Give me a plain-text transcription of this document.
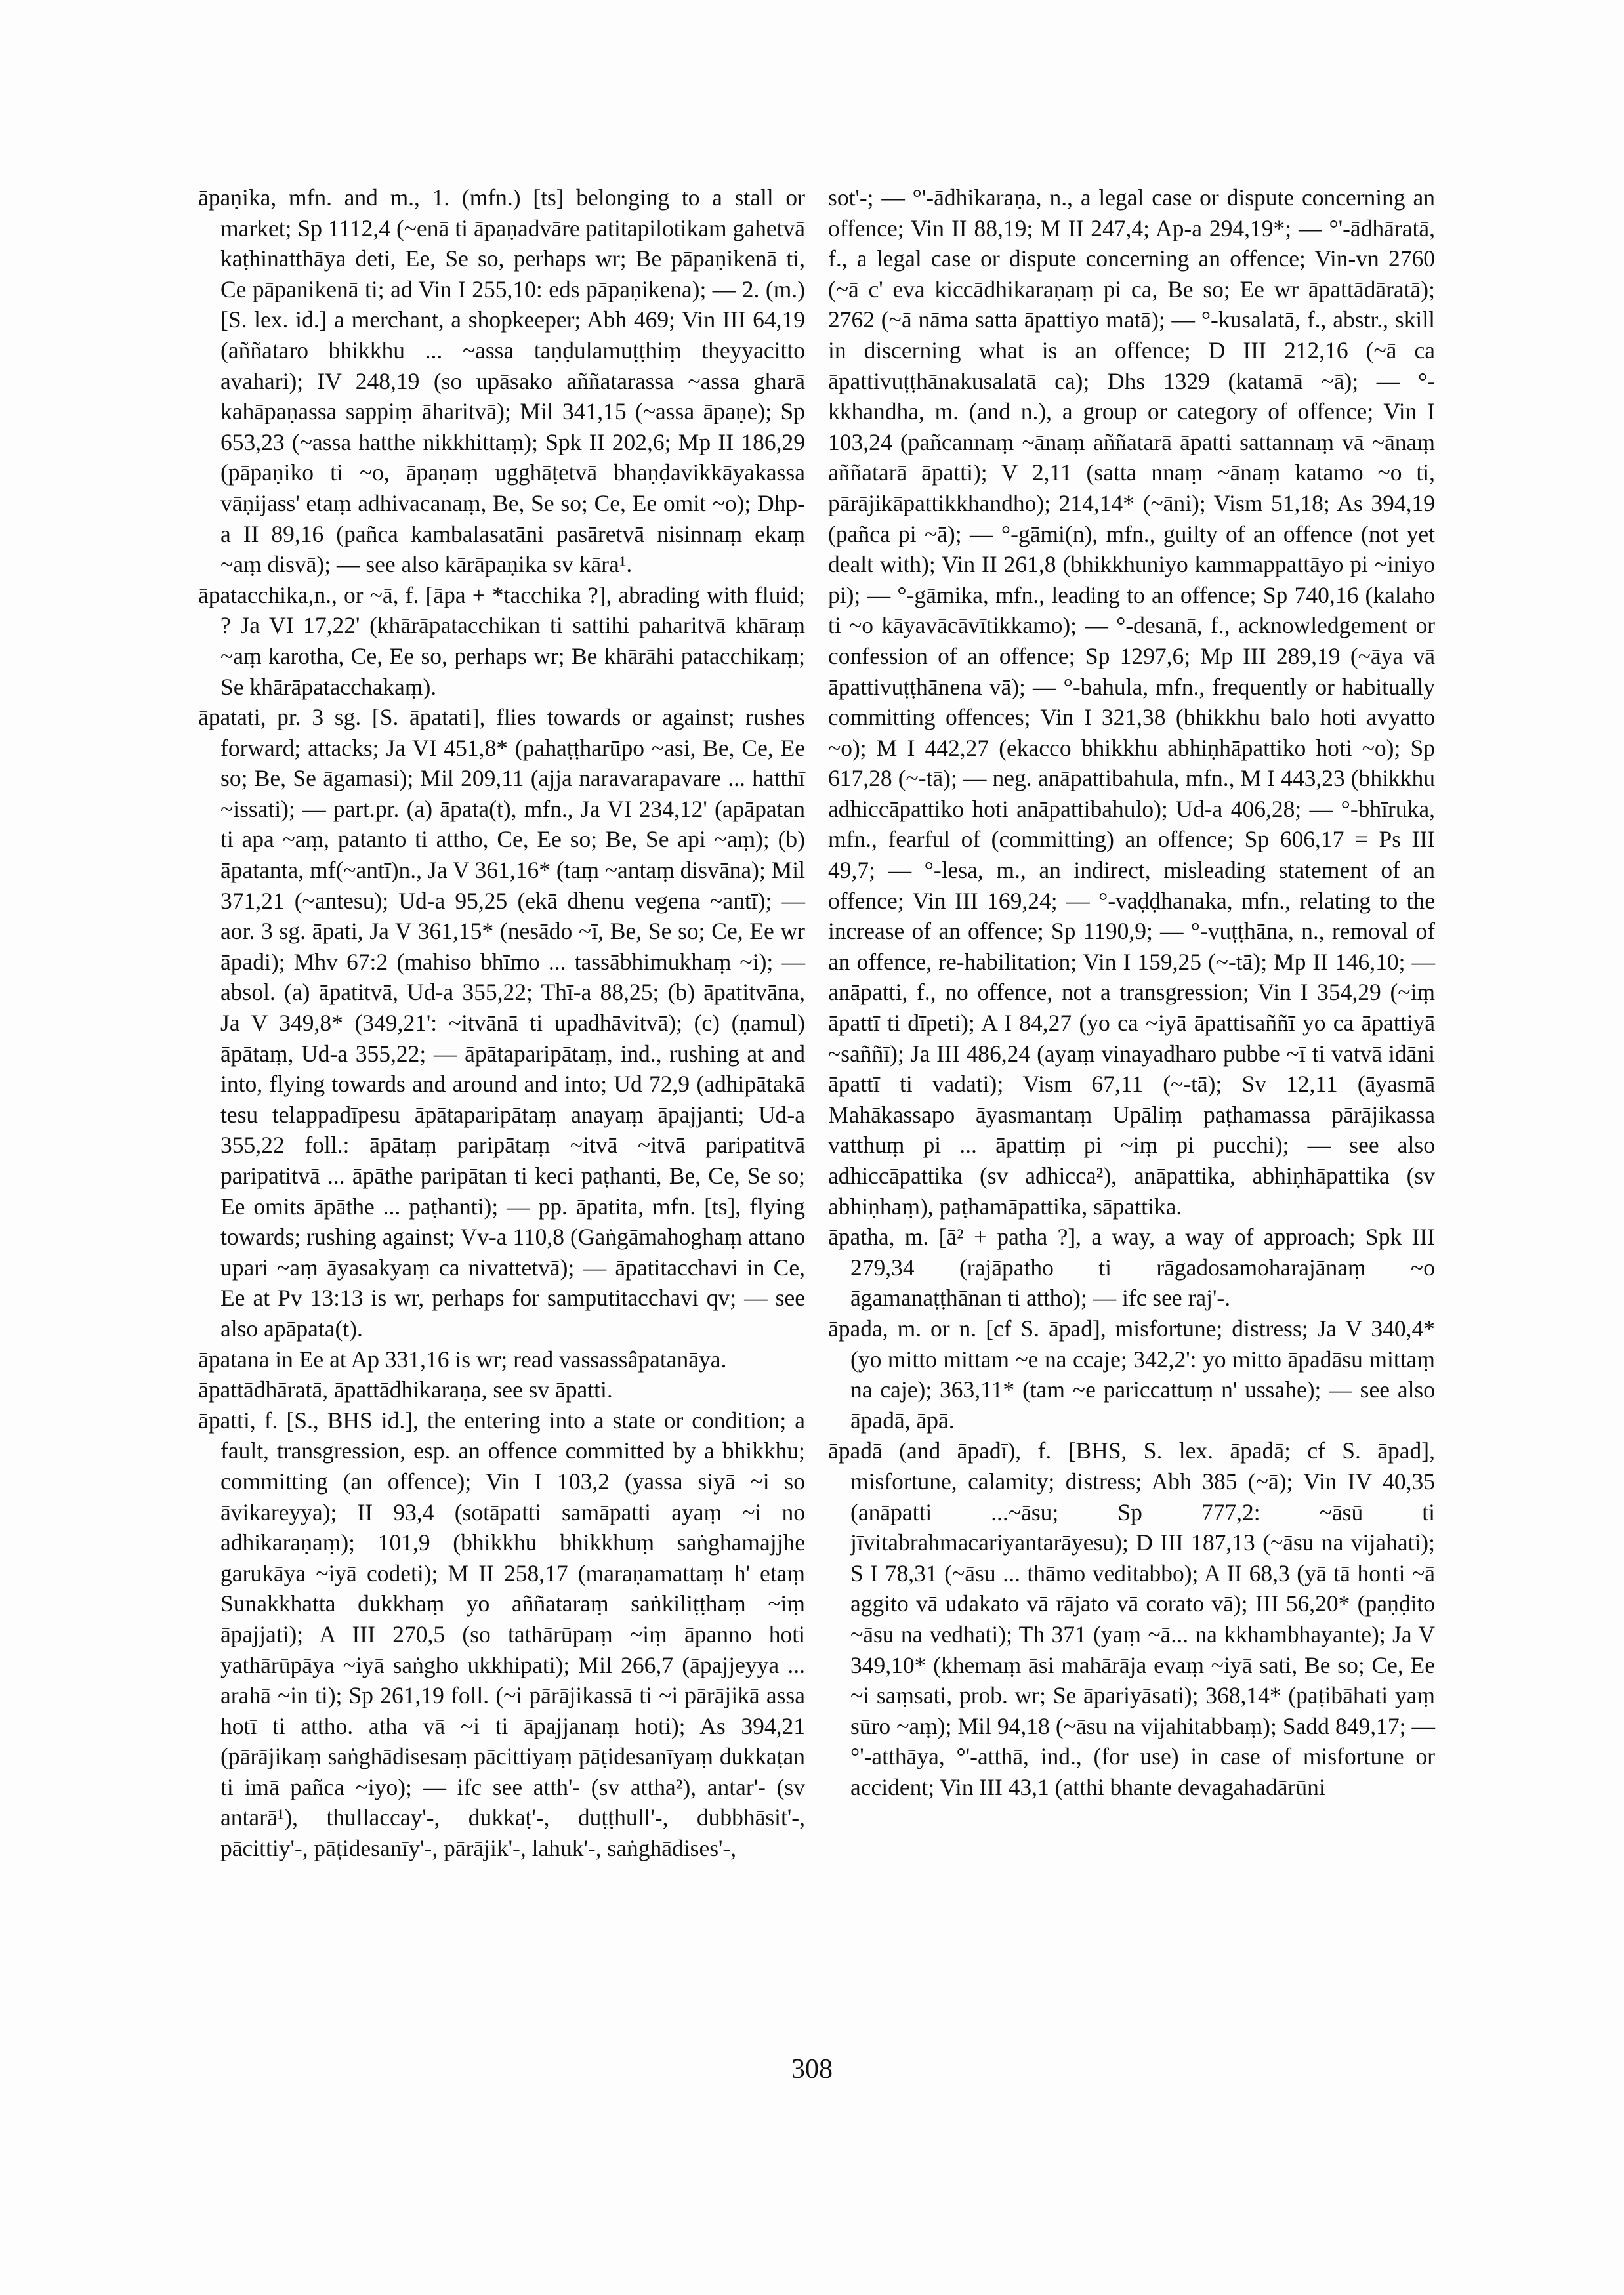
āpaṇika, mfn. and m., 1. (mfn.) [ts] belonging to a stall or market; Sp 1112,4 (~enā ti āpaṇadvāre patitapilotikam gahetvā kaṭhinatthāya deti, Ee, Se so, perhaps wr; Be pāpaṇikenā ti, Ce pāpanikenā ti; ad Vin I 255,10: eds pāpaṇikena); — 2. (m.) [S. lex. id.] a merchant, a shopkeeper; Abh 469; Vin III 64,19 (aññataro bhikkhu ... ~assa taṇḍulamuṭṭhiṃ theyyacitto avahari); IV 248,19 (so upāsako aññatarassa ~assa gharā kahāpaṇassa sappiṃ āharitvā); Mil 341,15 (~assa āpaṇe); Sp 653,23 (~assa hatthe nikkhittaṃ); Spk II 202,6; Mp II 186,29 (pāpaṇiko ti ~o, āpaṇaṃ ugghāṭetvā bhaṇḍavikkāyakassa vāṇijass' etaṃ adhivacanaṃ, Be, Se so; Ce, Ee omit ~o); Dhp-a II 89,16 (pañca kambalasatāni pasāretvā nisinnaṃ ekaṃ ~aṃ disvā); — see also kārāpaṇika sv kāra¹.

āpatacchika,n., or ~ā, f. [āpa + *tacchika ?], abrading with fluid; ? Ja VI 17,22' (khārāpatacchikan ti sattihi paharitvā khāraṃ ~aṃ karotha, Ce, Ee so, perhaps wr; Be khārāhi patacchikaṃ; Se khārāpatacchakaṃ).

āpatati, pr. 3 sg. [S. āpatati], flies towards or against; rushes forward; attacks; Ja VI 451,8* (pahaṭṭharūpo ~asi, Be, Ce, Ee so; Be, Se āgamasi); Mil 209,11 (ajja naravarapavare ... hatthī ~issati); — part.pr. (a) āpata(t), mfn., Ja VI 234,12' (apāpatan ti apa ~aṃ, patanto ti attho, Ce, Ee so; Be, Se api ~aṃ); (b) āpatanta, mf(~antī)n., Ja V 361,16* (taṃ ~antaṃ disvāna); Mil 371,21 (~antesu); Ud-a 95,25 (ekā dhenu vegena ~antī); — aor. 3 sg. āpati, Ja V 361,15* (nesādo ~ī, Be, Se so; Ce, Ee wr āpadi); Mhv 67:2 (mahiso bhīmo ... tassābhimukhaṃ ~i); — absol. (a) āpatitvā, Ud-a 355,22; Thī-a 88,25; (b) āpatitvāna, Ja V 349,8* (349,21': ~itvānā ti upadhāvitvā); (c) (ṇamul) āpātaṃ, Ud-a 355,22; — āpātaparipātaṃ, ind., rushing at and into, flying towards and around and into; Ud 72,9 (adhipātakā tesu telappadīpesu āpātaparipātaṃ anayaṃ āpajjanti; Ud-a 355,22 foll.: āpātaṃ paripātaṃ ~itvā ~itvā paripatitvā paripatitvā ... āpāthe paripātan ti keci paṭhanti, Be, Ce, Se so; Ee omits āpāthe ... paṭhanti); — pp. āpatita, mfn. [ts], flying towards; rushing against; Vv-a 110,8 (Gaṅgāmahoghaṃ attano upari ~aṃ āyasakyaṃ ca nivattetvā); — āpatitacchavi in Ce, Ee at Pv 13:13 is wr, perhaps for samputitacchavi qv; — see also apāpata(t).

āpatana in Ee at Ap 331,16 is wr; read vassassâpatanāya.

āpattādhāratā, āpattādhikaraṇa, see sv āpatti.

āpatti, f. [S., BHS id.], the entering into a state or condition; a fault, transgression, esp. an offence committed by a bhikkhu; committing (an offence); Vin I 103,2 (yassa siyā ~i so āvikareyya); II 93,4 (sotāpatti samāpatti ayaṃ ~i no adhikaraṇaṃ); 101,9 (bhikkhu bhikkhuṃ saṅghamajjhe garukāya ~iyā codeti); M II 258,17 (maraṇamattaṃ h' etaṃ Sunakkhatta dukkhaṃ yo aññataraṃ saṅkiliṭṭhaṃ ~iṃ āpajjati); A III 270,5 (so tathārūpaṃ ~iṃ āpanno hoti yathārūpāya ~iyā saṅgho ukkhipati); Mil 266,7 (āpajjeyya ... arahā ~in ti); Sp 261,19 foll. (~i pārājikassā ti ~i pārājikā assa hotī ti attho. atha vā ~i ti āpajjanaṃ hoti); As 394,21 (pārājikaṃ saṅghādisesaṃ pācittiyaṃ pāṭidesanīyaṃ dukkaṭan ti imā pañca ~iyo); — ifc see atth'- (sv attha²), antar'- (sv antarā¹), thullaccay'-, dukkaṭ'-, duṭṭhull'-, dubbhāsit'-, pācittiy'-, pāṭidesanīy'-, pārājik'-, lahuk'-, saṅghādises'-,

sot'-; — °'-ādhikaraṇa, n., a legal case or dispute concerning an offence; Vin II 88,19; M II 247,4; Ap-a 294,19*; — °'-ādhāratā, f., a legal case or dispute concerning an offence; Vin-vn 2760 (~ā c' eva kiccādhikaraṇaṃ pi ca, Be so; Ee wr āpattādāratā); 2762 (~ā nāma satta āpattiyo matā); — °-kusalatā, f., abstr., skill in discerning what is an offence; D III 212,16 (~ā ca āpattivuṭṭhānakusalatā ca); Dhs 1329 (katamā ~ā); — °-kkhandha, m. (and n.), a group or category of offence; Vin I 103,24 (pañcannaṃ ~ānaṃ aññatarā āpatti sattannaṃ vā ~ānaṃ aññatarā āpatti); V 2,11 (satta nnaṃ ~ānaṃ katamo ~o ti, pārājikāpattikkhandho); 214,14* (~āni); Vism 51,18; As 394,19 (pañca pi ~ā); — °-gāmi(n), mfn., guilty of an offence (not yet dealt with); Vin II 261,8 (bhikkhuniyo kammappattāyo pi ~iniyo pi); — °-gāmika, mfn., leading to an offence; Sp 740,16 (kalaho ti ~o kāyavācāvītikkamo); — °-desanā, f., acknowledgement or confession of an offence; Sp 1297,6; Mp III 289,19 (~āya vā āpattivuṭṭhānena vā); — °-bahula, mfn., frequently or habitually committing offences; Vin I 321,38 (bhikkhu balo hoti avyatto ~o); M I 442,27 (ekacco bhikkhu abhiṇhāpattiko hoti ~o); Sp 617,28 (~-tā); — neg. anāpattibahula, mfn., M I 443,23 (bhikkhu adhiccāpattiko hoti anāpattibahulo); Ud-a 406,28; — °-bhīruka, mfn., fearful of (committing) an offence; Sp 606,17 = Ps III 49,7; — °-lesa, m., an indirect, misleading statement of an offence; Vin III 169,24; — °-vaḍḍhanaka, mfn., relating to the increase of an offence; Sp 1190,9; — °-vuṭṭhāna, n., removal of an offence, re-habilitation; Vin I 159,25 (~-tā); Mp II 146,10; — anāpatti, f., no offence, not a transgression; Vin I 354,29 (~iṃ āpattī ti dīpeti); A I 84,27 (yo ca ~iyā āpattisaññī yo ca āpattiyā ~saññī); Ja III 486,24 (ayaṃ vinayadharo pubbe ~ī ti vatvā idāni āpattī ti vadati); Vism 67,11 (~-tā); Sv 12,11 (āyasmā Mahākassapo āyasmantaṃ Upāliṃ paṭhamassa pārājikassa vatthuṃ pi ... āpattiṃ pi ~iṃ pi pucchi); — see also adhiccāpattika (sv adhicca²), anāpattika, abhiṇhāpattika (sv abhiṇhaṃ), paṭhamāpattika, sāpattika.

āpatha, m. [ā² + patha ?], a way, a way of approach; Spk III 279,34 (rajāpatho ti rāgadosamoharajānaṃ ~o āgamanaṭṭhānan ti attho); — ifc see raj'-.

āpada, m. or n. [cf S. āpad], misfortune; distress; Ja V 340,4* (yo mitto mittam ~e na ccaje; 342,2': yo mitto āpadāsu mittaṃ na caje); 363,11* (tam ~e pariccattuṃ n' ussahe); — see also āpadā, āpā.

āpadā (and āpadī), f. [BHS, S. lex. āpadā; cf S. āpad], misfortune, calamity; distress; Abh 385 (~ā); Vin IV 40,35 (anāpatti ...~āsu; Sp 777,2: ~āsū ti jīvitabrahmacariyantarāyesu); D III 187,13 (~āsu na vijahati); S I 78,31 (~āsu ... thāmo veditabbo); A II 68,3 (yā tā honti ~ā aggito vā udakato vā rājato vā corato vā); III 56,20* (paṇḍito ~āsu na vedhati); Th 371 (yaṃ ~ā... na kkhambhayante); Ja V 349,10* (khemaṃ āsi mahārāja evaṃ ~iyā sati, Be so; Ce, Ee ~i saṃsati, prob. wr; Se āpariyāsati); 368,14* (paṭibāhati yaṃ sūro ~aṃ); Mil 94,18 (~āsu na vijahitabbaṃ); Sadd 849,17; — °'-atthāya, °'-atthā, ind., (for use) in case of misfortune or accident; Vin III 43,1 (atthi bhante devagahadārūni

308
